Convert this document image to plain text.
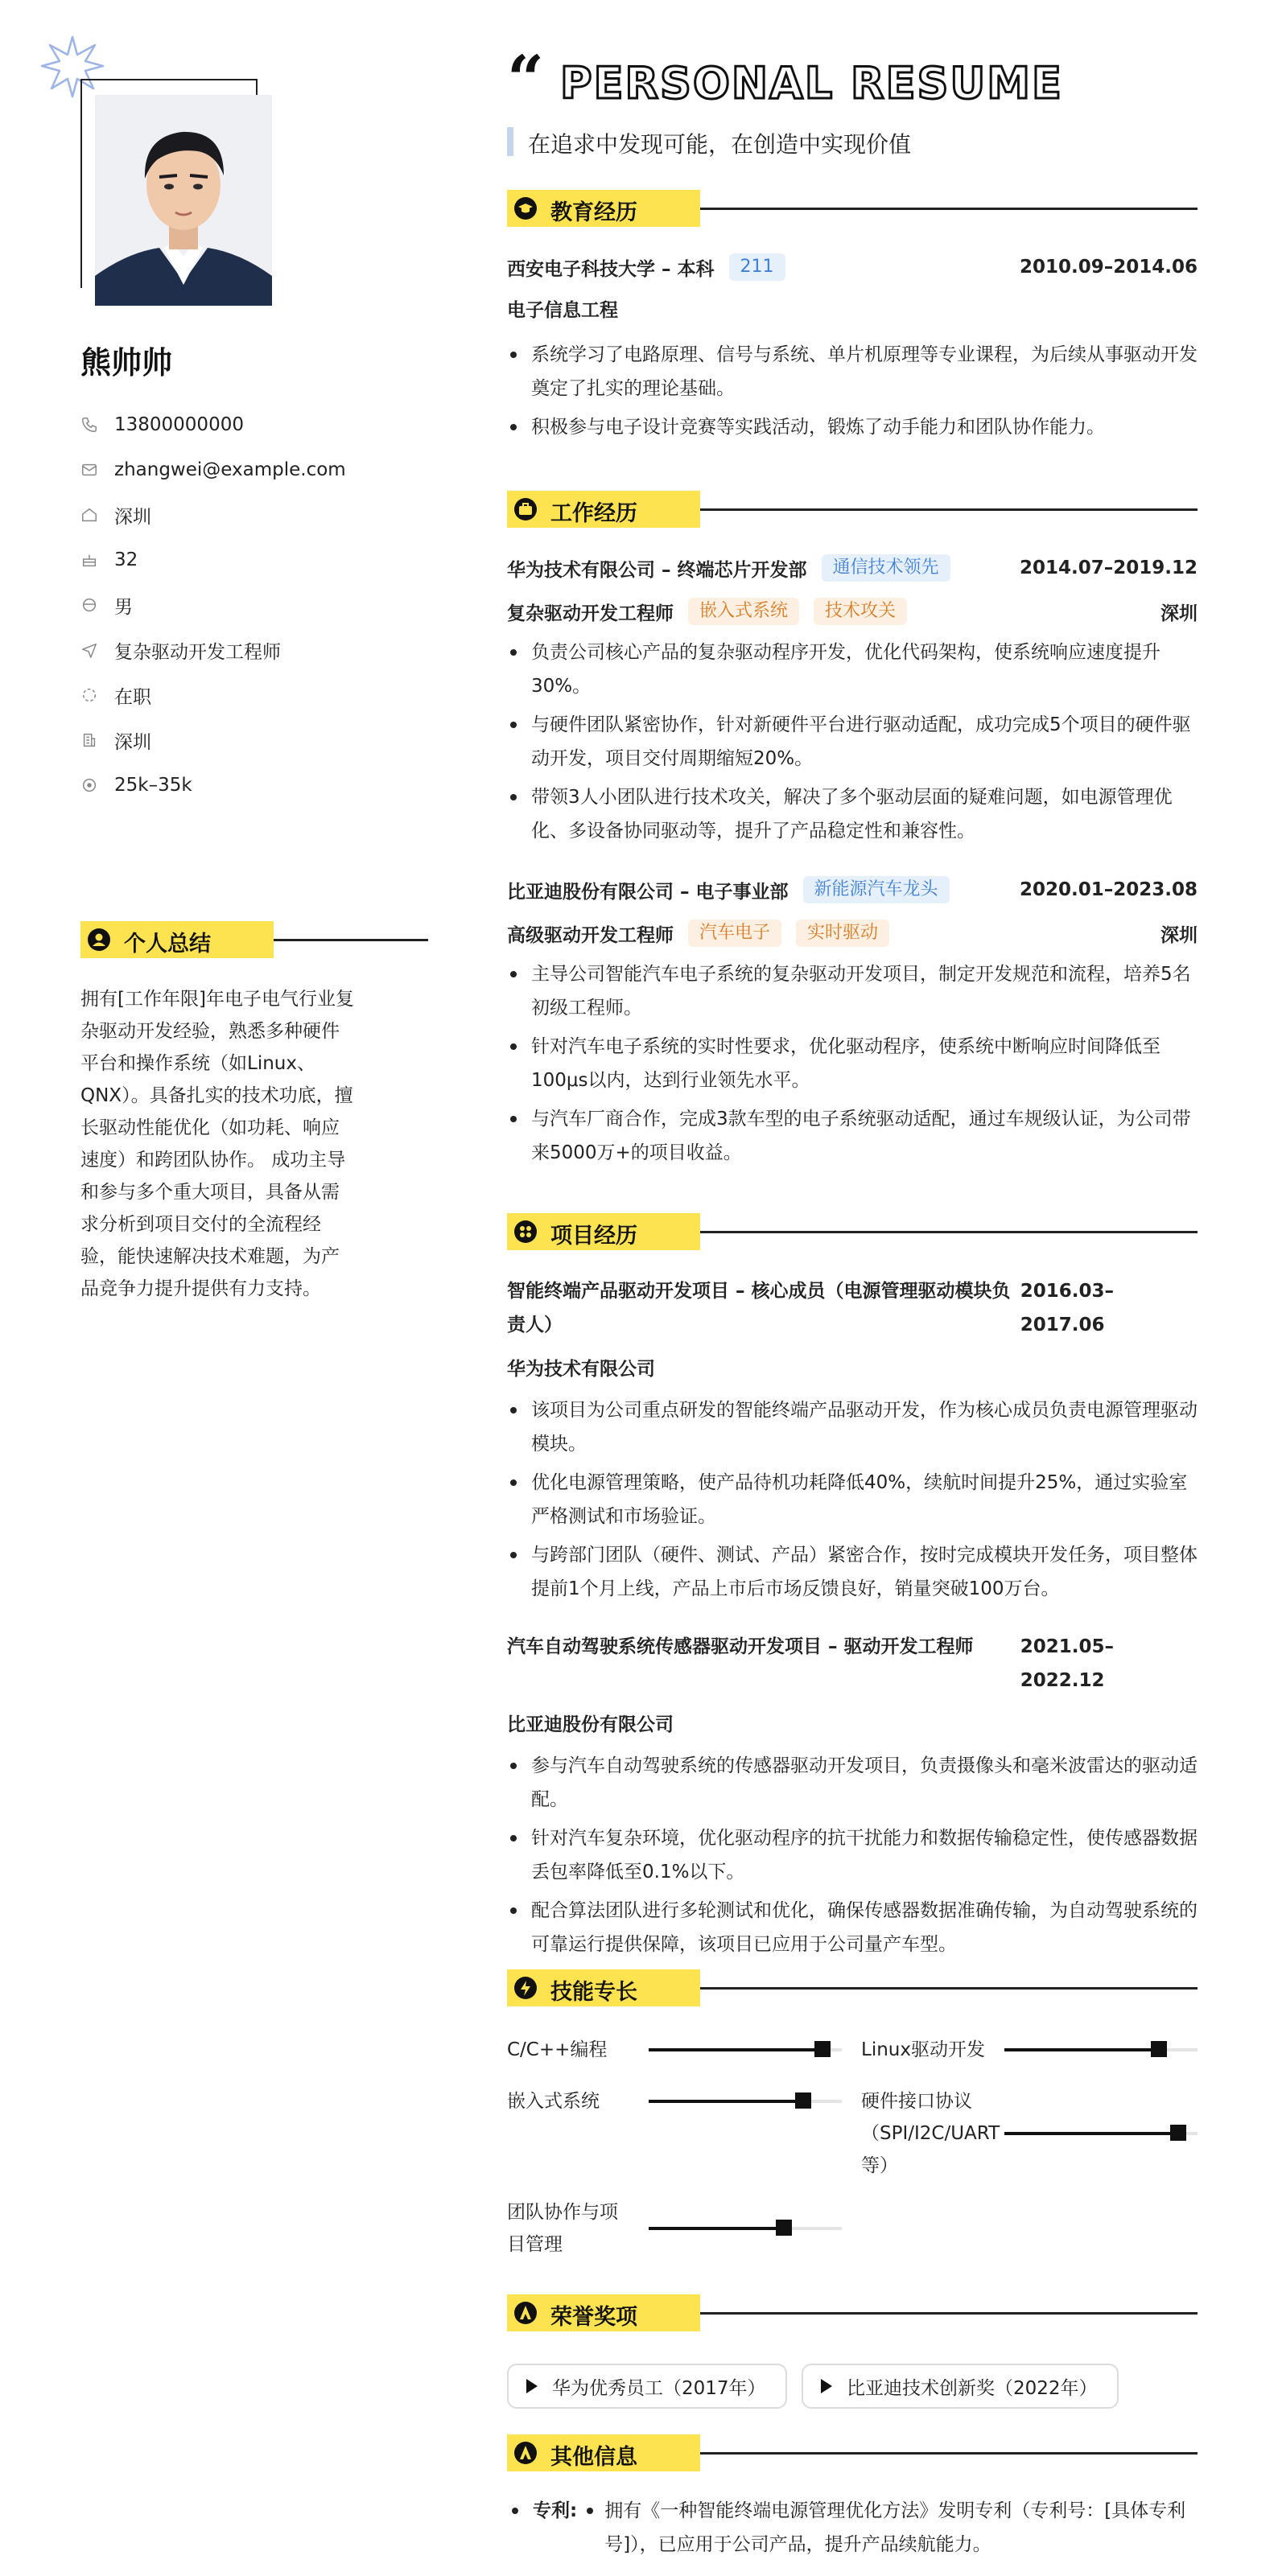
熊帅帅
13800000000
zhangwei@example.com
深圳
32
男
复杂驱动开发工程师
在职
深圳
25k–35k
个人总结
拥有[工作年限]年电子电气行业复杂驱动开发经验，熟悉多种硬件平台和操作系统（如Linux、QNX）。具备扎实的技术功底，擅长驱动性能优化（如功耗、响应速度）和跨团队协作。 成功主导和参与多个重大项目，具备从需求分析到项目交付的全流程经验，能快速解决技术难题，为产品竞争力提升提供有力支持。
“ PERSONAL RESUME
在追求中发现可能，在创造中实现价值
教育经历
西安电子科技大学 – 本科	211	2010.09–2014.06
电子信息工程
系统学习了电路原理、信号与系统、单片机原理等专业课程，为后续从事驱动开发奠定了扎实的理论基础。
积极参与电子设计竞赛等实践活动，锻炼了动手能力和团队协作能力。
工作经历
华为技术有限公司 – 终端芯片开发部	通信技术领先	2014.07–2019.12
复杂驱动开发工程师	嵌入式系统	技术攻关	深圳
负责公司核心产品的复杂驱动程序开发，优化代码架构，使系统响应速度提升30%。
与硬件团队紧密协作，针对新硬件平台进行驱动适配，成功完成5个项目的硬件驱动开发，项目交付周期缩短20%。
带领3人小团队进行技术攻关，解决了多个驱动层面的疑难问题，如电源管理优化、多设备协同驱动等，提升了产品稳定性和兼容性。
比亚迪股份有限公司 – 电子事业部	新能源汽车龙头	2020.01–2023.08
高级驱动开发工程师	汽车电子	实时驱动	深圳
主导公司智能汽车电子系统的复杂驱动开发项目，制定开发规范和流程，培养5名初级工程师。
针对汽车电子系统的实时性要求，优化驱动程序，使系统中断响应时间降低至100μs以内，达到行业领先水平。
与汽车厂商合作，完成3款车型的电子系统驱动适配，通过车规级认证，为公司带来5000万+的项目收益。
项目经历
智能终端产品驱动开发项目 – 核心成员（电源管理驱动模块负责人）
2016.03–2017.06
华为技术有限公司
该项目为公司重点研发的智能终端产品驱动开发，作为核心成员负责电源管理驱动模块。
优化电源管理策略，使产品待机功耗降低40%，续航时间提升25%，通过实验室严格测试和市场验证。
与跨部门团队（硬件、测试、产品）紧密合作，按时完成模块开发任务，项目整体提前1个月上线，产品上市后市场反馈良好，销量突破100万台。
汽车自动驾驶系统传感器驱动开发项目 – 驱动开发工程师	2021.05–2022.12
比亚迪股份有限公司
参与汽车自动驾驶系统的传感器驱动开发项目，负责摄像头和毫米波雷达的驱动适配。
针对汽车复杂环境，优化驱动程序的抗干扰能力和数据传输稳定性，使传感器数据丢包率降低至0.1%以下。
配合算法团队进行多轮测试和优化，确保传感器数据准确传输，为自动驾驶系统的可靠运行提供保障，该项目已应用于公司量产车型。
技能专长
C/C++编程	Linux驱动开发
嵌入式系统	硬件接口协议（SPI/I2C/UART等）
团队协作与项目管理
荣誉奖项
华为优秀员工（2017年）	比亚迪技术创新奖（2022年）
其他信息
专利:	拥有《一种智能终端电源管理优化方法》发明专利（专利号：[具体专利号]），已应用于公司产品，提升产品续航能力。
